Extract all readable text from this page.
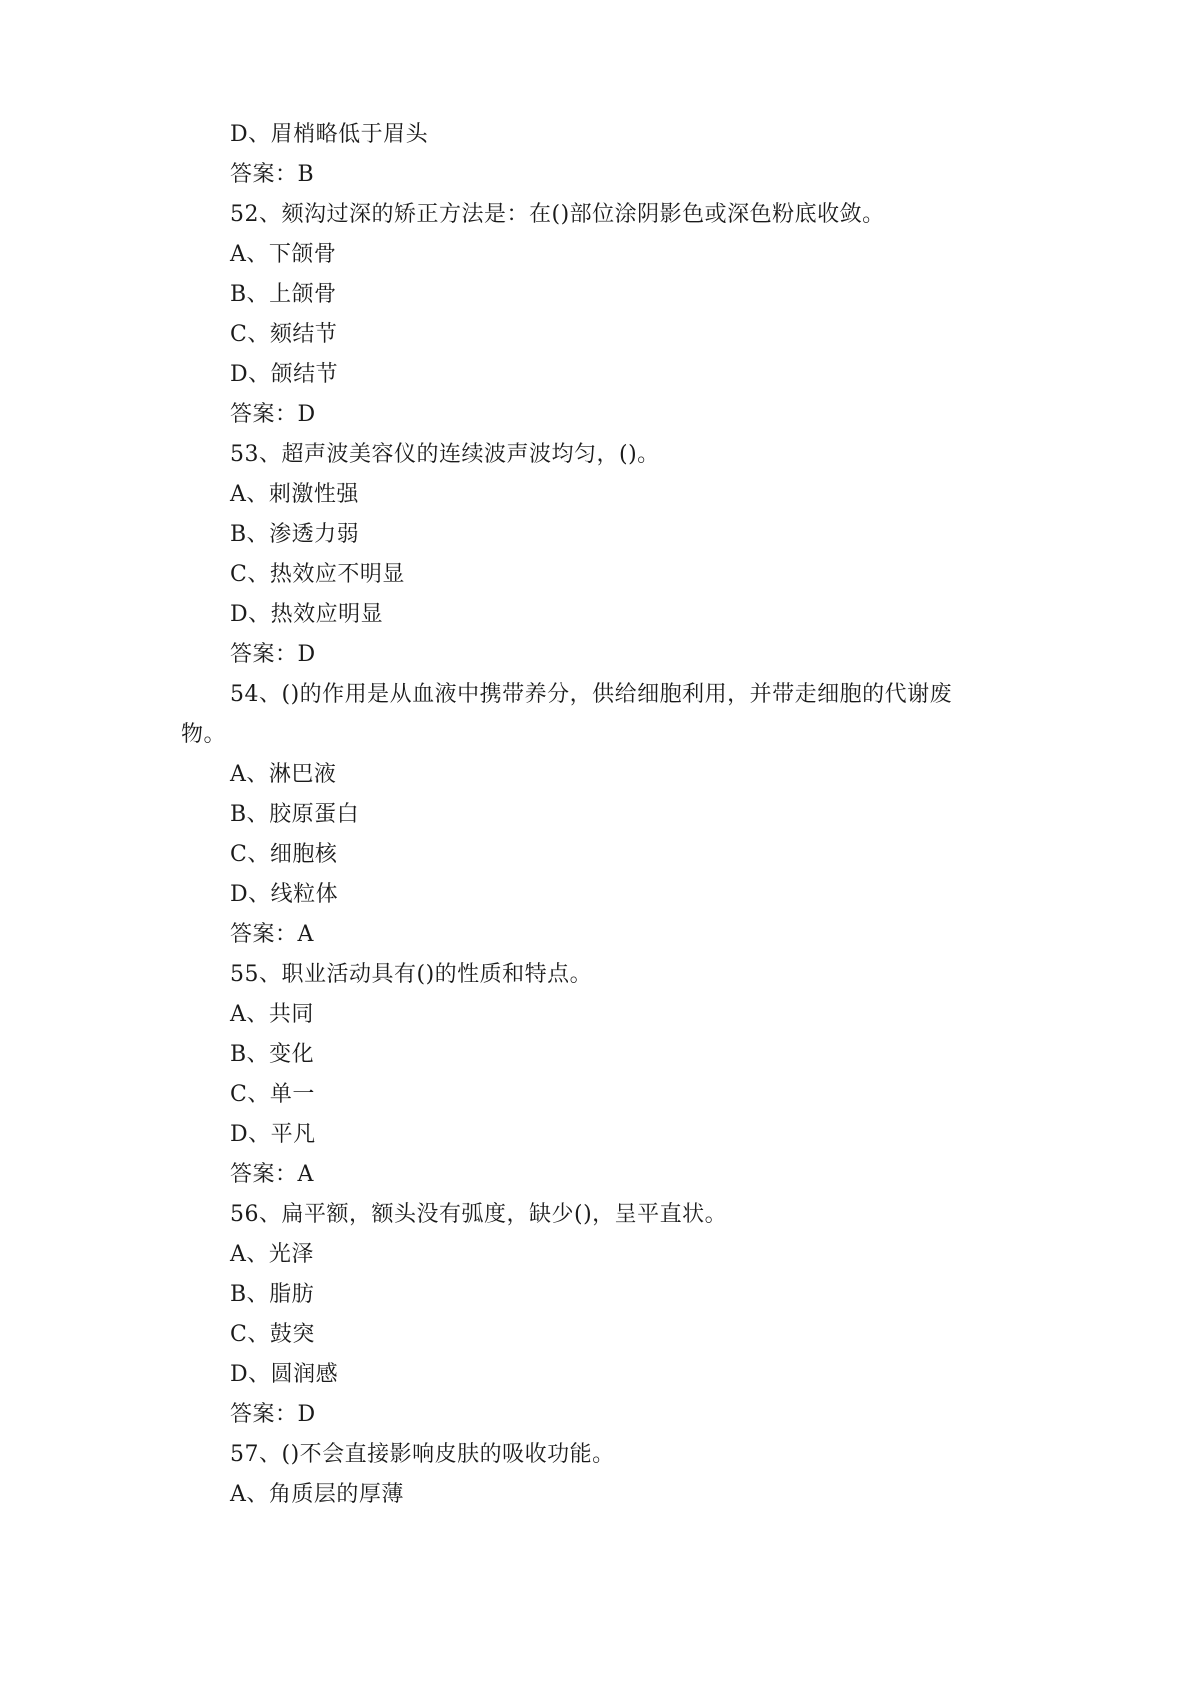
D、眉梢略低于眉头
答案：B
52、颏沟过深的矫正方法是：在()部位涂阴影色或深色粉底收敛。
A、下颌骨
B、上颌骨
C、颏结节
D、颌结节
答案：D
53、超声波美容仪的连续波声波均匀，()。
A、刺激性强
B、渗透力弱
C、热效应不明显
D、热效应明显
答案：D
54、()的作用是从血液中携带养分，供给细胞利用，并带走细胞的代谢废
物。
A、淋巴液
B、胶原蛋白
C、细胞核
D、线粒体
答案：A
55、职业活动具有()的性质和特点。
A、共同
B、变化
C、单一
D、平凡
答案：A
56、扁平额，额头没有弧度，缺少()，呈平直状。
A、光泽
B、脂肪
C、鼓突
D、圆润感
答案：D
57、()不会直接影响皮肤的吸收功能。
A、角质层的厚薄
